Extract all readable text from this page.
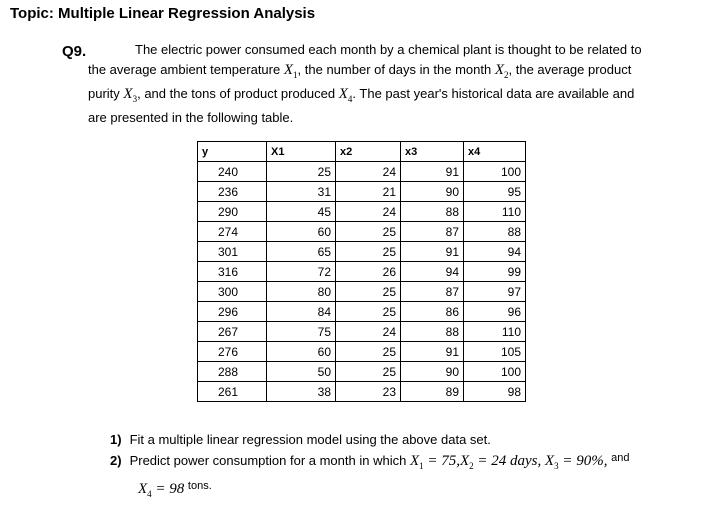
Topic: Multiple Linear Regression Analysis
Q9.	The electric power consumed each month by a chemical plant is thought to be related to
the average ambient temperature $X_1$, the number of days in the month $X_2$, the average product
purity $X_3$, and the tons of product produced $X_4$. The past year's historical data are available and
are presented in the following table.
y	X1	x2	x3	x4
240	25	24	91	100
236	31	21	90	95
290	45	24	88	110
274	60	25	87	88
301	65	25	91	94
316	72	26	94	99
300	80	25	87	97
296	84	25	86	96
267	75	24	88	110
276	60	25	91	105
288	50	25	90	100
261	38	23	89	98
1) Fit a multiple linear regression model using the above data set.
2) Predict power consumption for a month in which $X_1 = 75,X_2 = 24$ days, $X_3 = 90\%$, $^{and}$
$X_4 = 98$ $^{tons.}$
